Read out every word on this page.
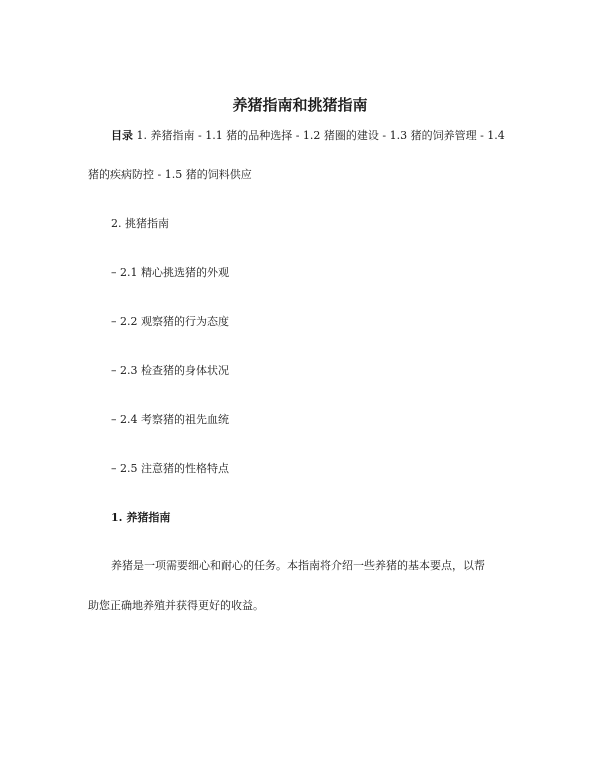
养猪指南和挑猪指南
目录 1. 养猪指南 - 1.1 猪的品种选择 - 1.2 猪圈的建设 - 1.3 猪的饲养管理 - 1.4
猪的疾病防控 - 1.5 猪的饲料供应
2. 挑猪指南
– 2.1 精心挑选猪的外观
– 2.2 观察猪的行为态度
– 2.3 检查猪的身体状况
– 2.4 考察猪的祖先血统
– 2.5 注意猪的性格特点
1. 养猪指南
养猪是一项需要细心和耐心的任务。本指南将介绍一些养猪的基本要点，以帮
助您正确地养殖并获得更好的收益。
